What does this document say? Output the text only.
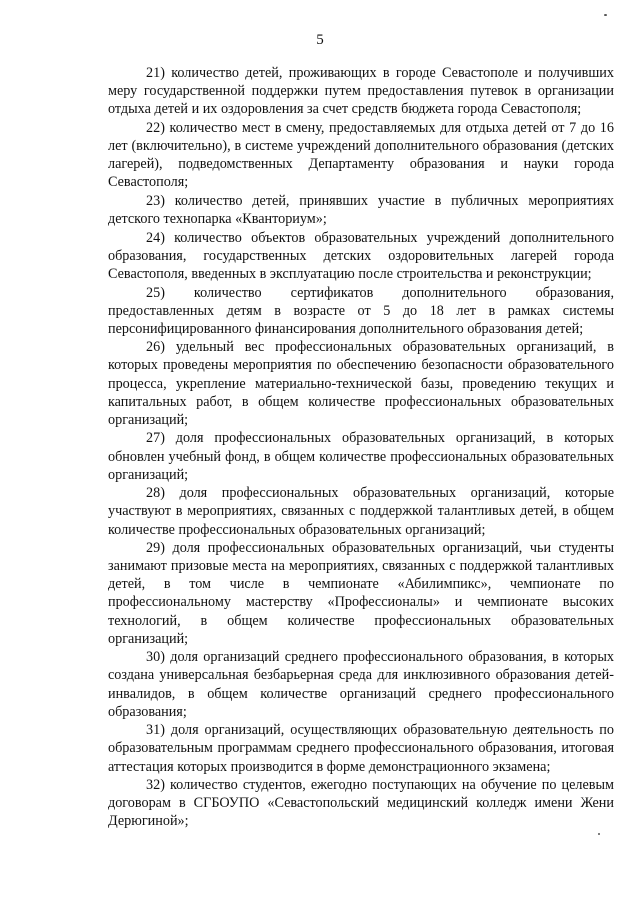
5

21) количество детей, проживающих в городе Севастополе и получивших меру государственной поддержки путем предоставления путевок в организации отдыха детей и их оздоровления за счет средств бюджета города Севастополя;

22) количество мест в смену, предоставляемых для отдыха детей от 7 до 16 лет (включительно), в системе учреждений дополнительного образования (детских лагерей), подведомственных Департаменту образования и науки города Севастополя;

23) количество детей, принявших участие в публичных мероприятиях детского технопарка «Кванториум»;

24) количество объектов образовательных учреждений дополнительного образования, государственных детских оздоровительных лагерей города Севастополя, введенных в эксплуатацию после строительства и реконструкции;

25) количество сертификатов дополнительного образования, предоставленных детям в возрасте от 5 до 18 лет в рамках системы персонифицированного финансирования дополнительного образования детей;

26) удельный вес профессиональных образовательных организаций, в которых проведены мероприятия по обеспечению безопасности образовательного процесса, укрепление материально-технической базы, проведению текущих и капитальных работ, в общем количестве профессиональных образовательных организаций;

27) доля профессиональных образовательных организаций, в которых обновлен учебный фонд, в общем количестве профессиональных образовательных организаций;

28) доля профессиональных образовательных организаций, которые участвуют в мероприятиях, связанных с поддержкой талантливых детей, в общем количестве профессиональных образовательных организаций;

29) доля профессиональных образовательных организаций, чьи студенты занимают призовые места на мероприятиях, связанных с поддержкой талантливых детей, в том числе в чемпионате «Абилимпикс», чемпионате по профессиональному мастерству «Профессионалы» и чемпионате высоких технологий, в общем количестве профессиональных образовательных организаций;

30) доля организаций среднего профессионального образования, в которых создана универсальная безбарьерная среда для инклюзивного образования детей-инвалидов, в общем количестве организаций среднего профессионального образования;

31) доля организаций, осуществляющих образовательную деятельность по образовательным программам среднего профессионального образования, итоговая аттестация которых производится в форме демонстрационного экзамена;

32) количество студентов, ежегодно поступающих на обучение по целевым договорам в СГБОУПО «Севастопольский медицинский колледж имени Жени Дерюгиной»;
